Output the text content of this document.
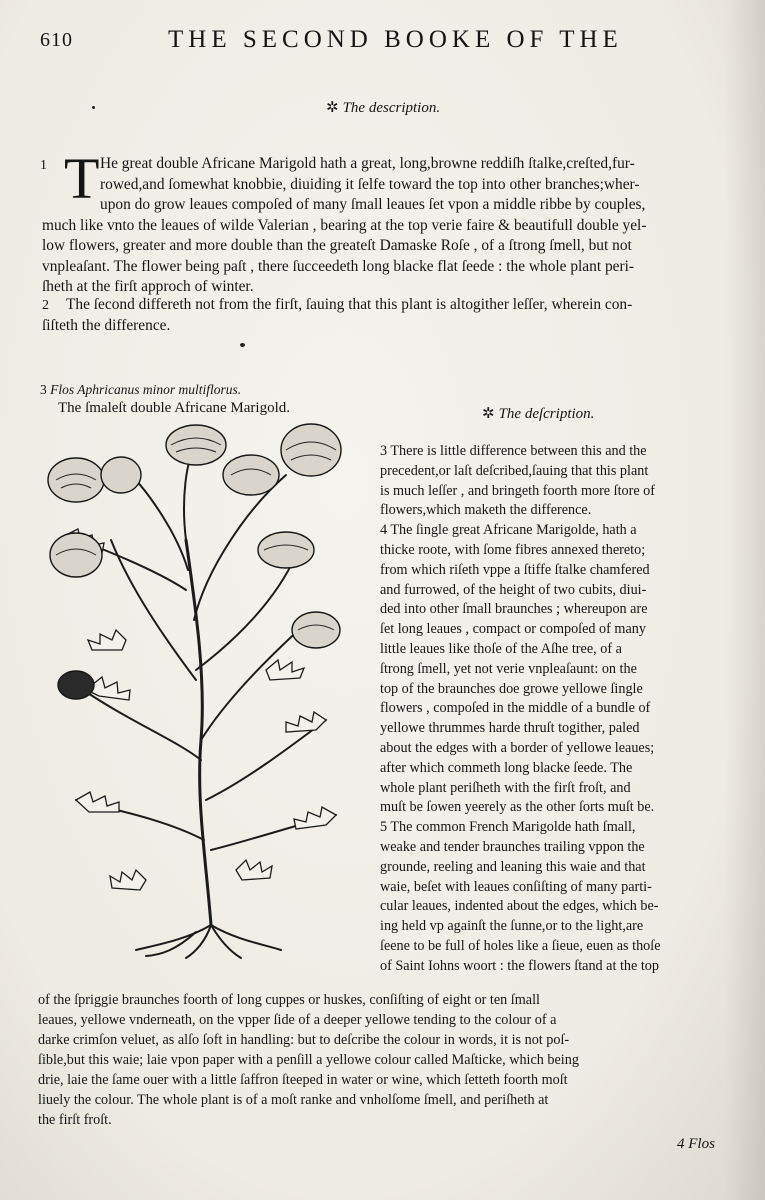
610	THE SECOND BOOKE OF THE
✲ The description.
1 T He great double Africane Marigold hath a great, long,browne reddiſh ſtalke,creſted,fur-
rowed,and ſomewhat knobbie, diuiding it ſelfe toward the top into other branches;wher-
upon do grow leaues compoſed of many ſmall leaues ſet vpon a middle ribbe by couples,
much like vnto the leaues of wilde Valerian , bearing at the top verie faire & beautifull double yel-
low flowers, greater and more double than the greateſt Damaske Roſe , of a ſtrong ſmell, but not
vnpleaſant. The flower being paſt , there ſucceedeth long blacke flat ſeede : the whole plant peri-
ſheth at the firſt approch of winter.
2 The ſecond differeth not from the firſt, ſauing that this plant is altogither leſſer, wherein con-
ſiſteth the difference.
3 Flos Aphricanus minor multiflorus.
The ſmaleſt double Africane Marigold.	✲ The deſcription.
3 There is little difference between this and the
precedent,or laſt deſcribed,ſauing that this plant
is much leſſer , and bringeth foorth more ſtore of
flowers,which maketh the difference.
4 The ſingle great Africane Marigolde, hath a
thicke roote, with ſome fibres annexed thereto;
from which riſeth vppe a ſtiffe ſtalke chamfered
and furrowed, of the height of two cubits, diui-
ded into other ſmall braunches ; whereupon are
ſet long leaues , compact or compoſed of many
little leaues like thoſe of the Aſhe tree, of a
ſtrong ſmell, yet not verie vnpleaſaunt: on the
top of the braunches doe growe yellowe ſingle
flowers , compoſed in the middle of a bundle of
yellowe thrummes harde thruſt togither, paled
about the edges with a border of yellowe leaues;
after which commeth long blacke ſeede. The
whole plant periſheth with the firſt froſt, and
muſt be ſowen yeerely as the other ſorts muſt be.
5 The common French Marigolde hath ſmall,
weake and tender braunches trailing vppon the
grounde, reeling and leaning this waie and that
waie, beſet with leaues conſiſting of many parti-
cular leaues, indented about the edges, which be-
ing held vp againſt the ſunne,or to the light,are
ſeene to be full of holes like a ſieue, euen as thoſe
of Saint Iohns woort : the flowers ſtand at the top
of the ſpriggie braunches foorth of long cuppes or huskes, conſiſting of eight or ten ſmall
leaues, yellowe vnderneath, on the vpper ſide of a deeper yellowe tending to the colour of a
darke crimſon veluet, as alſo ſoft in handling: but to deſcribe the colour in words, it is not poſ-
ſible,but this waie; laie vpon paper with a penſill a yellowe colour called Maſticke, which being
drie, laie the ſame ouer with a little ſaffron ſteeped in water or wine, which ſetteth foorth moſt
liuely the colour. The whole plant is of a moſt ranke and vnholſome ſmell, and periſheth at
the firſt froſt.
4 Flos
